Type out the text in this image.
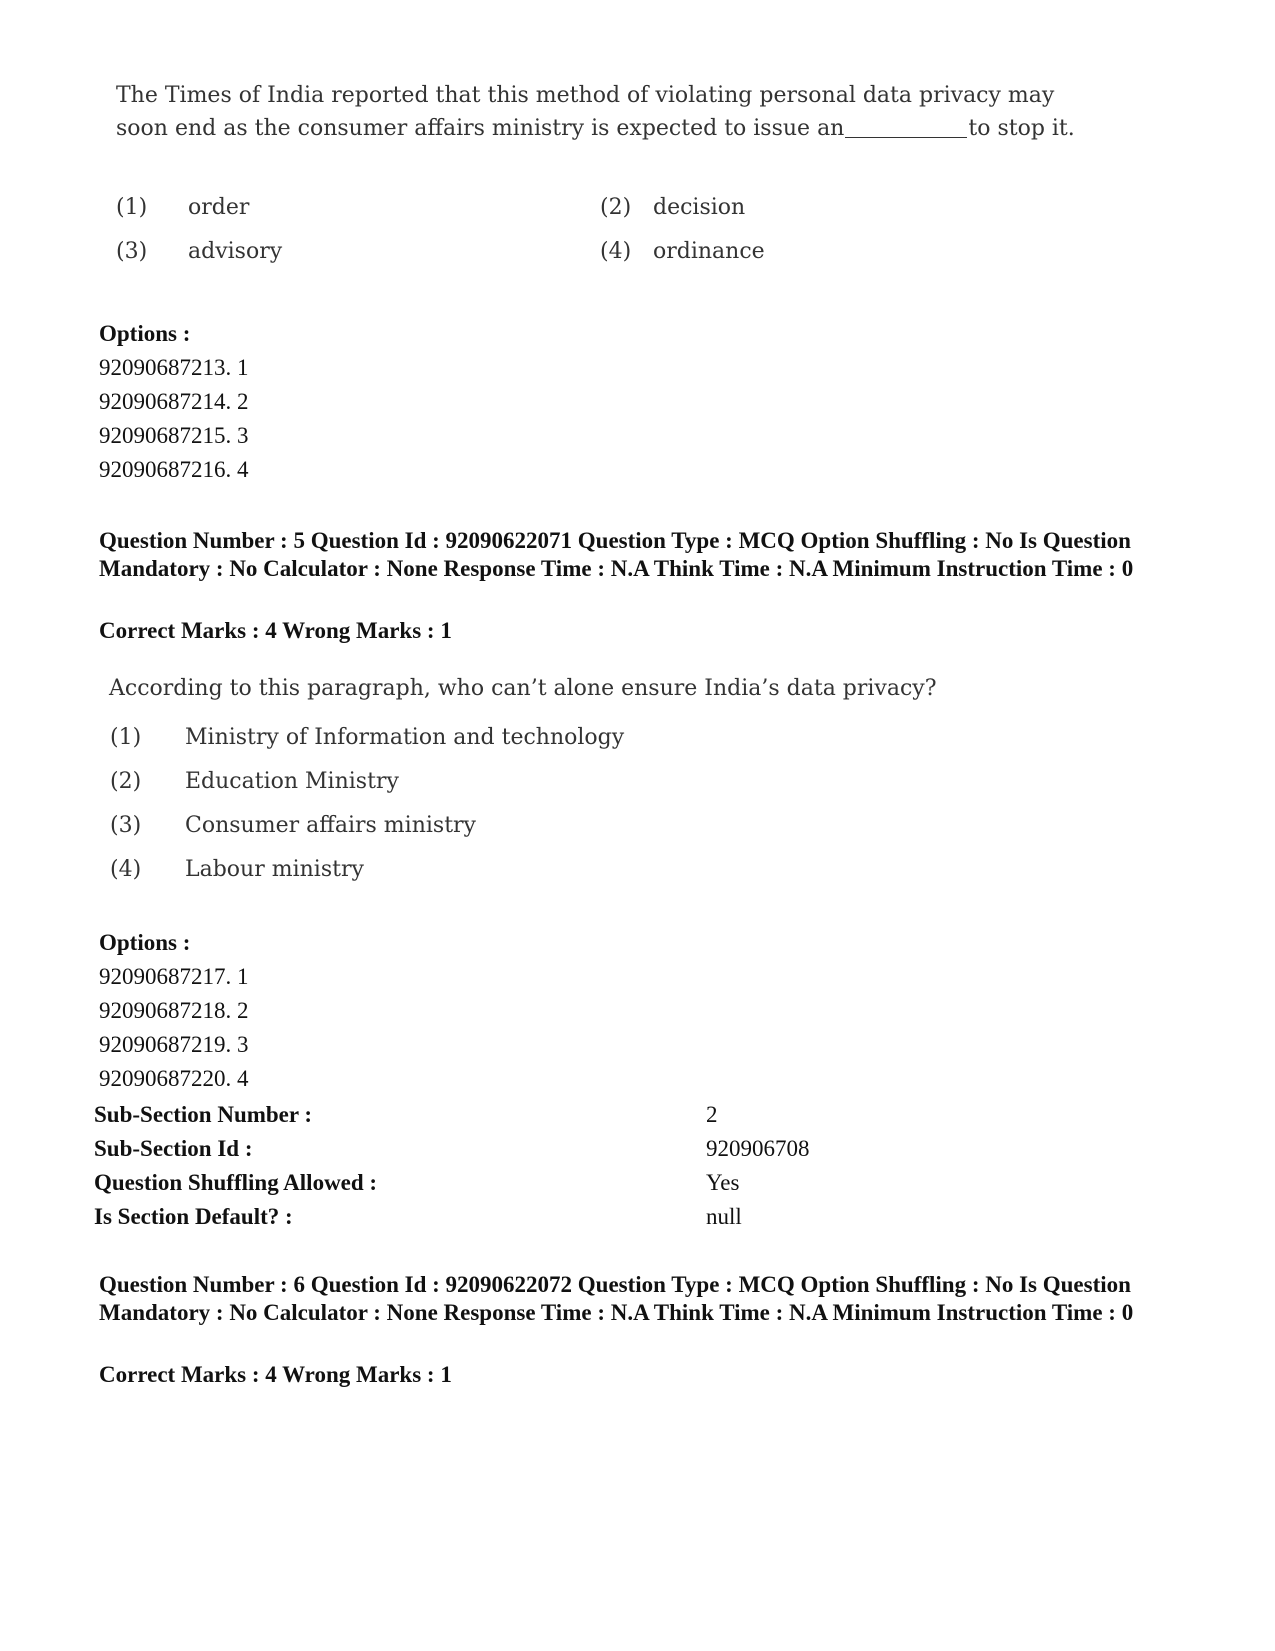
The Times of India reported that this method of violating personal data privacy may soon end as the consumer affairs ministry is expected to issue an	to stop it.
(1) order	(2) decision
(3) advisory	(4) ordinance
Options :
92090687213. 1
92090687214. 2
92090687215. 3
92090687216. 4
Question Number : 5 Question Id : 92090622071 Question Type : MCQ Option Shuffling : No Is Question Mandatory : No Calculator : None Response Time : N.A Think Time : N.A Minimum Instruction Time : 0
Correct Marks : 4 Wrong Marks : 1
According to this paragraph, who can’t alone ensure India’s data privacy?
(1) Ministry of Information and technology
(2) Education Ministry
(3) Consumer affairs ministry
(4) Labour ministry
Options :
92090687217. 1
92090687218. 2
92090687219. 3
92090687220. 4
Sub-Section Number :	2
Sub-Section Id :	920906708
Question Shuffling Allowed :	Yes
Is Section Default? :	null
Question Number : 6 Question Id : 92090622072 Question Type : MCQ Option Shuffling : No Is Question Mandatory : No Calculator : None Response Time : N.A Think Time : N.A Minimum Instruction Time : 0
Correct Marks : 4 Wrong Marks : 1
